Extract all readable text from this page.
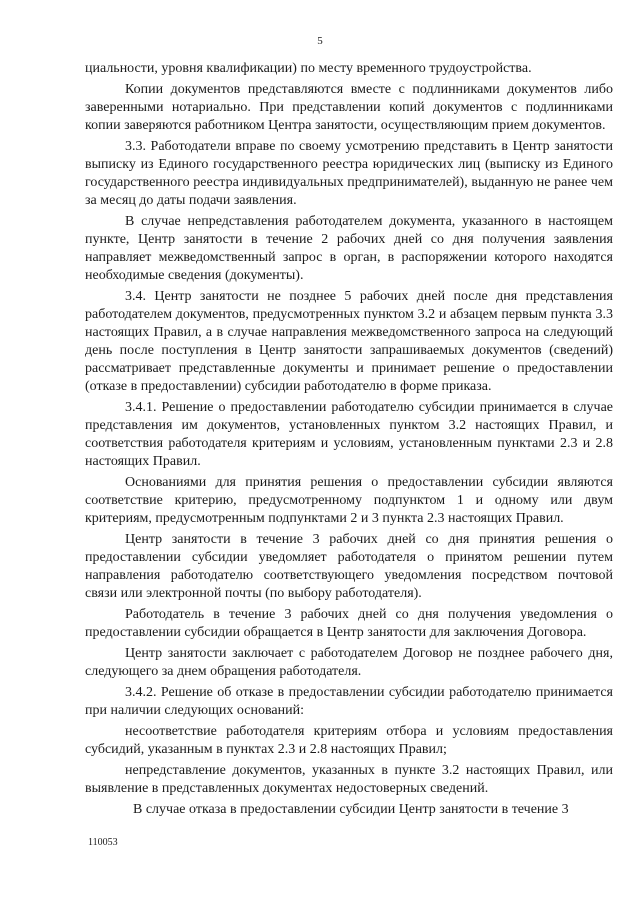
5

циальности, уровня квалификации) по месту временного трудоустройства.

Копии документов представляются вместе с подлинниками документов либо заверенными нотариально. При представлении копий документов с подлинниками копии заверяются работником Центра занятости, осуществляющим прием документов.

3.3. Работодатели вправе по своему усмотрению представить в Центр занятости выписку из Единого государственного реестра юридических лиц (выписку из Единого государственного реестра индивидуальных предпринимателей), выданную не ранее чем за месяц до даты подачи заявления.

В случае непредставления работодателем документа, указанного в настоящем пункте, Центр занятости в течение 2 рабочих дней со дня получения заявления направляет межведомственный запрос в орган, в распоряжении которого находятся необходимые сведения (документы).

3.4. Центр занятости не позднее 5 рабочих дней после дня представления работодателем документов, предусмотренных пунктом 3.2 и абзацем первым пункта 3.3 настоящих Правил, а в случае направления межведомственного запроса на следующий день после поступления в Центр занятости запрашиваемых документов (сведений) рассматривает представленные документы и принимает решение о предоставлении (отказе в предоставлении) субсидии работодателю в форме приказа.

3.4.1. Решение о предоставлении работодателю субсидии принимается в случае представления им документов, установленных пунктом 3.2 настоящих Правил, и соответствия работодателя критериям и условиям, установленным пунктами 2.3 и 2.8 настоящих Правил.

Основаниями для принятия решения о предоставлении субсидии являются соответствие критерию, предусмотренному подпунктом 1 и одному или двум критериям, предусмотренным подпунктами 2 и 3 пункта 2.3 настоящих Правил.

Центр занятости в течение 3 рабочих дней со дня принятия решения о предоставлении субсидии уведомляет работодателя о принятом решении путем направления работодателю соответствующего уведомления посредством почтовой связи или электронной почты (по выбору работодателя).

Работодатель в течение 3 рабочих дней со дня получения уведомления о предоставлении субсидии обращается в Центр занятости для заключения Договора.

Центр занятости заключает с работодателем Договор не позднее рабочего дня, следующего за днем обращения работодателя.

3.4.2. Решение об отказе в предоставлении субсидии работодателю принимается при наличии следующих оснований:

несоответствие работодателя критериям отбора и условиям предоставления субсидий, указанным в пунктах 2.3 и 2.8 настоящих Правил;

непредставление документов, указанных в пункте 3.2 настоящих Правил, или выявление в представленных документах недостоверных сведений.

В случае отказа в предоставлении субсидии Центр занятости в течение 3

110053
